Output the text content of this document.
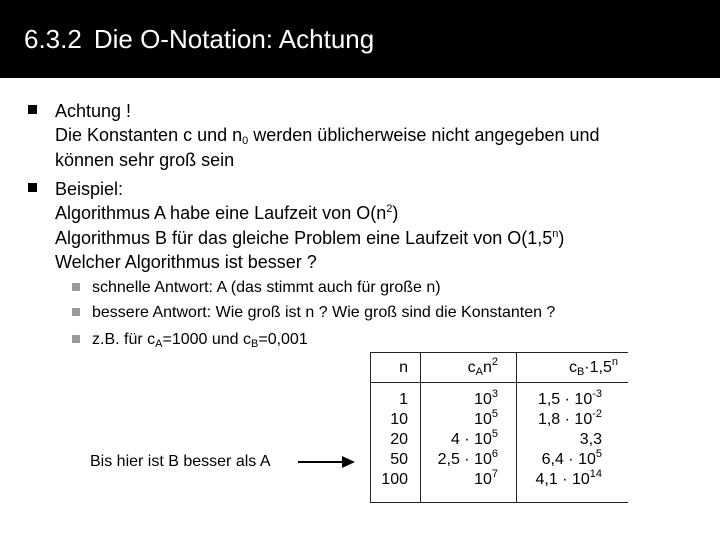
6.3.2 Die O-Notation: Achtung
Achtung !
Die Konstanten c und $n_0$ werden üblicherweise nicht angegeben und
können sehr groß sein
Beispiel:
Algorithmus A habe eine Laufzeit von $O(n^2)$
Algorithmus B für das gleiche Problem eine Laufzeit von O(1,5$^n$)
Welcher Algorithmus ist besser ?
schnelle Antwort: A (das stimmt auch für große n)
bessere Antwort: Wie groß ist n ? Wie groß sind die Konstanten ?
z.B. für $c_A=1000$ und $c_B=0,001$
n	$c_An^2$	$c_B\cdot 1,5^n$
1
10
20
50
100
$10^3$
$10^5$
$4 \cdot 10^5$
$2,5 \cdot 10^6$
$10^7$
$1,5 \cdot 10^{-3}$
$1,8 \cdot 10^{-2}$
3,3
$6,4 \cdot 10^5$
$4,1 \cdot 10^{14}$
Bis hier ist B besser als A
